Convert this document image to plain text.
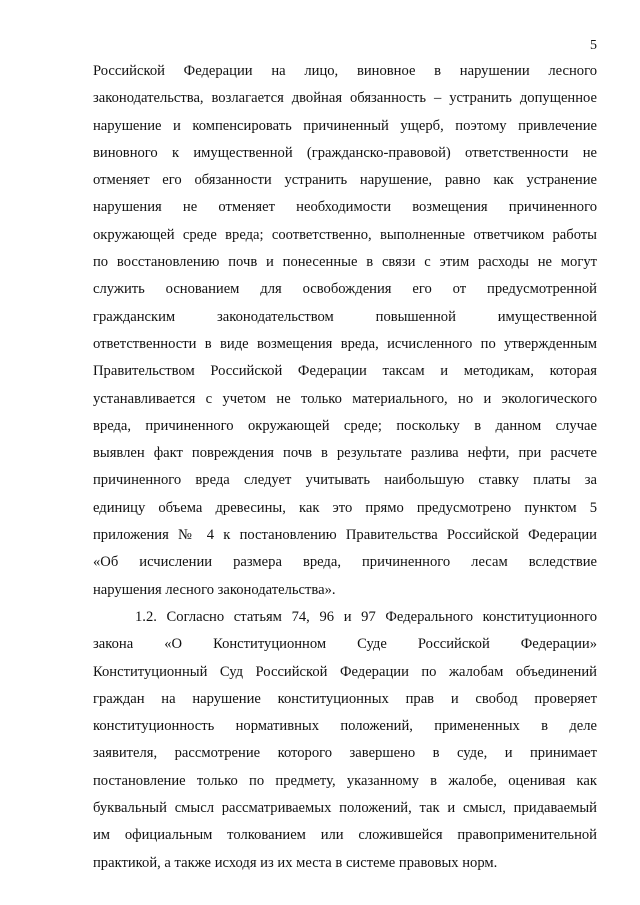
5
Российской Федерации на лицо, виновное в нарушении лесного
законодательства, возлагается двойная обязанность – устранить допущенное
нарушение и компенсировать причиненный ущерб, поэтому привлечение
виновного к имущественной (гражданско-правовой) ответственности не
отменяет его обязанности устранить нарушение, равно как устранение
нарушения не отменяет необходимости возмещения причиненного
окружающей среде вреда; соответственно, выполненные ответчиком работы
по восстановлению почв и понесенные в связи с этим расходы не могут
служить основанием для освобождения его от предусмотренной
гражданским законодательством повышенной имущественной
ответственности в виде возмещения вреда, исчисленного по утвержденным
Правительством Российской Федерации таксам и методикам, которая
устанавливается с учетом не только материального, но и экологического
вреда, причиненного окружающей среде; поскольку в данном случае
выявлен факт повреждения почв в результате разлива нефти, при расчете
причиненного вреда следует учитывать наибольшую ставку платы за
единицу объема древесины, как это прямо предусмотрено пунктом 5
приложения № 4 к постановлению Правительства Российской Федерации
«Об исчислении размера вреда, причиненного лесам вследствие
нарушения лесного законодательства».
1.2. Согласно статьям 74, 96 и 97 Федерального конституционного
закона «О Конституционном Суде Российской Федерации»
Конституционный Суд Российской Федерации по жалобам объединений
граждан на нарушение конституционных прав и свобод проверяет
конституционность нормативных положений, примененных в деле
заявителя, рассмотрение которого завершено в суде, и принимает
постановление только по предмету, указанному в жалобе, оценивая как
буквальный смысл рассматриваемых положений, так и смысл, придаваемый
им официальным толкованием или сложившейся правоприменительной
практикой, а также исходя из их места в системе правовых норм.
